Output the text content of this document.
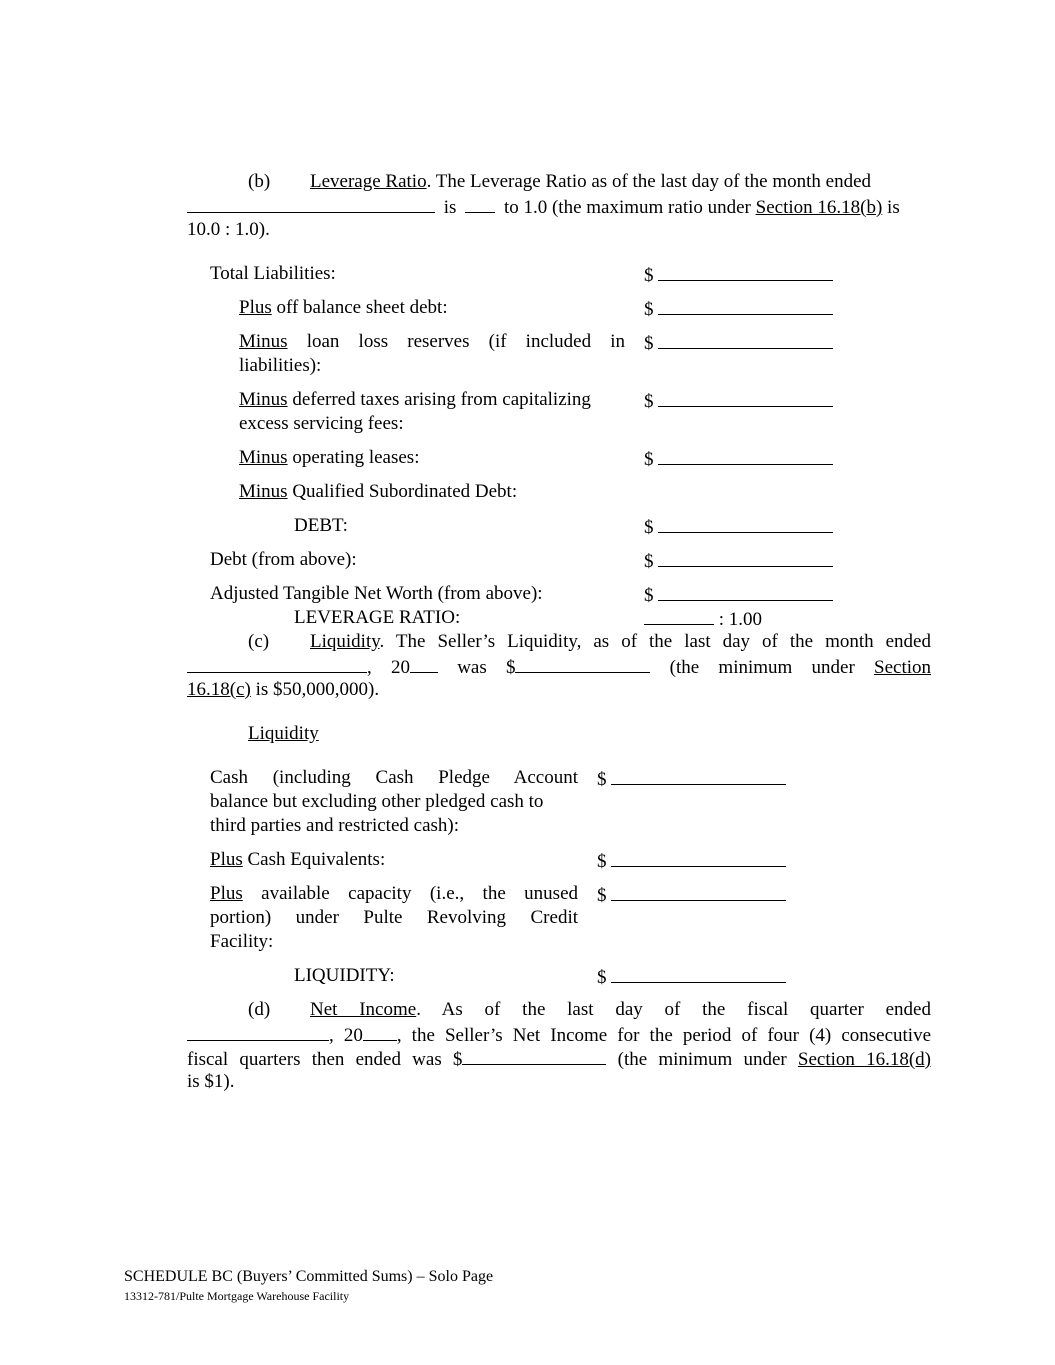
(b) Leverage Ratio. The Leverage Ratio as of the last day of the month ended
is	to 1.0 (the maximum ratio under Section 16.18(b) is
10.0 : 1.0).
Total Liabilities:	$
Plus off balance sheet debt:	$
Minus loan loss reserves (if included in
liabilities):
$
Minus deferred taxes arising from capitalizing
excess servicing fees:
$
Minus operating leases:	$
Minus Qualified Subordinated Debt:
DEBT:	$
Debt (from above):	$
Adjusted Tangible Net Worth (from above):	$
LEVERAGE RATIO:	: 1.00
(c) Liquidity. The Seller’s Liquidity, as of the last day of the month ended
, 20 was $	(the minimum under Section
16.18(c) is $50,000,000).
Liquidity
Cash (including Cash Pledge Account
balance but excluding other pledged cash to
third parties and restricted cash):
$
Plus Cash Equivalents:	$
Plus available capacity (i.e., the unused
portion) under Pulte Revolving Credit
Facility:
$
LIQUIDITY:	$
(d) Net Income. As of the last day of the fiscal quarter ended
, 20 , the Seller’s Net Income for the period of four (4) consecutive
fiscal quarters then ended was $	(the minimum under Section 16.18(d)
is $1).
SCHEDULE BC (Buyers’ Committed Sums) – Solo Page
13312-781/Pulte Mortgage Warehouse Facility
